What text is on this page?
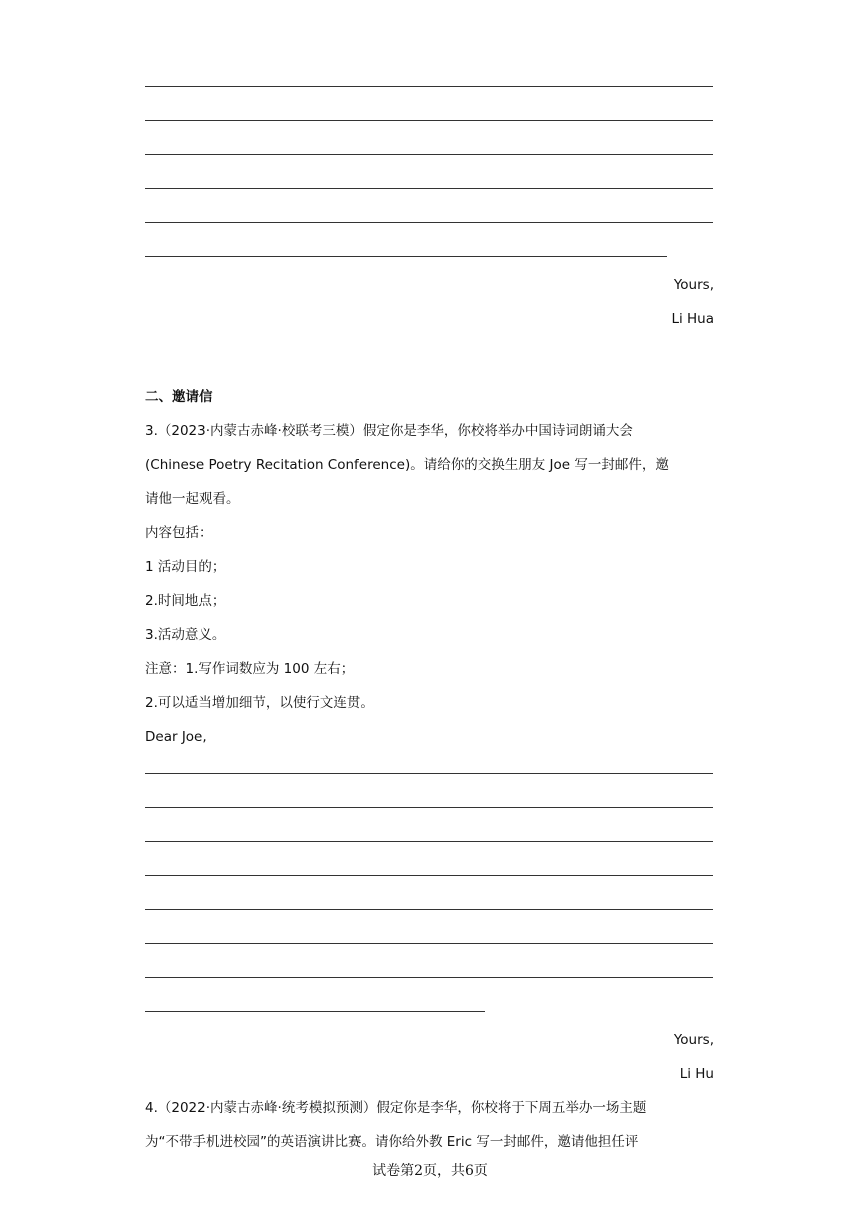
Yours,
Li Hua
二、邀请信
3.（2023·内蒙古赤峰·校联考三模）假定你是李华，你校将举办中国诗词朗诵大会
(Chinese Poetry Recitation Conference)。请给你的交换生朋友 Joe 写一封邮件，邀
请他一起观看。
内容包括：
1 活动目的；
2.时间地点；
3.活动意义。
注意：1.写作词数应为 100 左右；
2.可以适当增加细节，以使行文连贯。
Dear Joe,
Yours,
Li Hu
4.（2022·内蒙古赤峰·统考模拟预测）假定你是李华，你校将于下周五举办一场主题
为“不带手机进校园”的英语演讲比赛。请你给外教 Eric 写一封邮件，邀请他担任评
试卷第2页，共6页
